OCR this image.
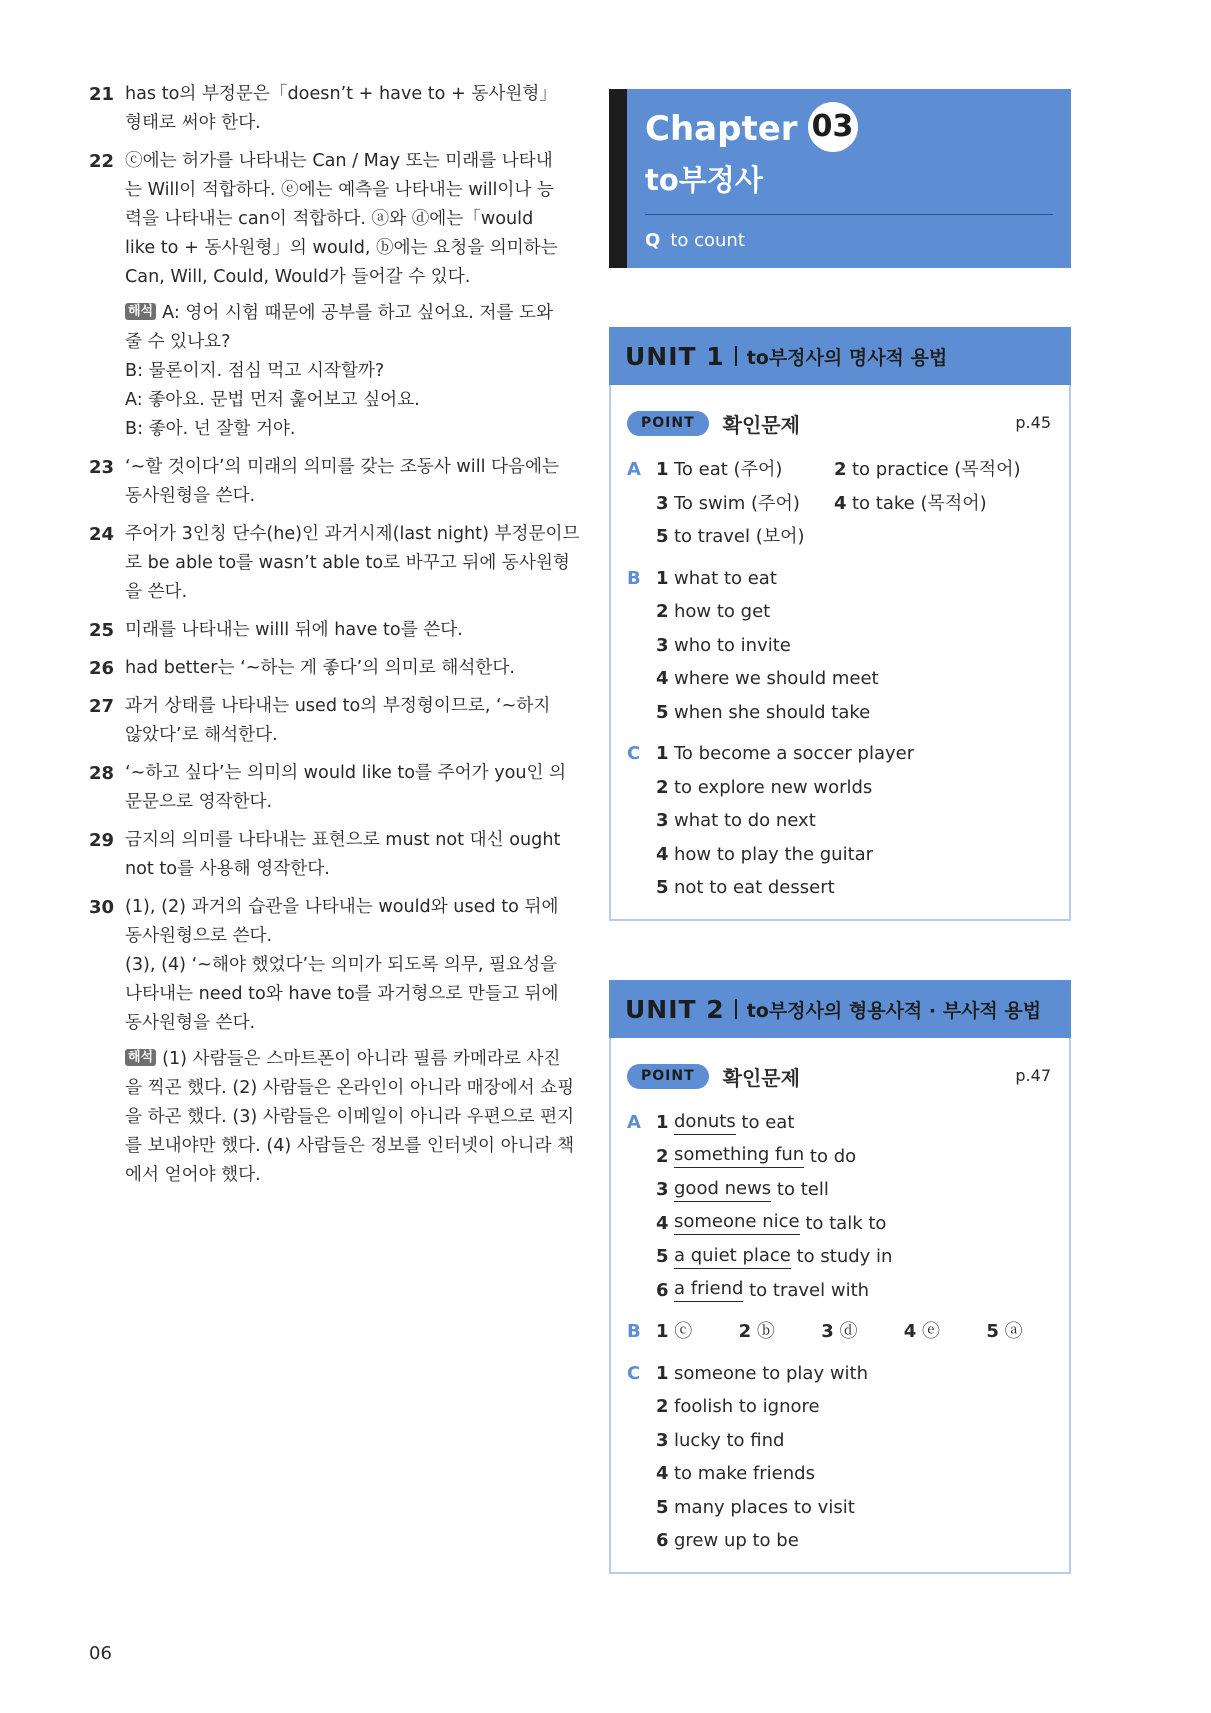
21 has to의 부정문은「doesn’t + have to + 동사원형」
형태로 써야 한다.
22 ⓒ에는 허가를 나타내는 Can / May 또는 미래를 나타내
는 Will이 적합하다. ⓔ에는 예측을 나타내는 will이나 능
력을 나타내는 can이 적합하다. ⓐ와 ⓓ에는「would
like to + 동사원형」의 would, ⓑ에는 요청을 의미하는
Can, Will, Could, Would가 들어갈 수 있다.
해석 A: 영어 시험 때문에 공부를 하고 싶어요. 저를 도와
줄 수 있나요?
B: 물론이지. 점심 먹고 시작할까?
A: 좋아요. 문법 먼저 훑어보고 싶어요.
B: 좋아. 넌 잘할 거야.
23 ‘~할 것이다’의 미래의 의미를 갖는 조동사 will 다음에는
동사원형을 쓴다.
24 주어가 3인칭 단수(he)인 과거시제(last night) 부정문이므
로 be able to를 wasn’t able to로 바꾸고 뒤에 동사원형
을 쓴다.
25 미래를 나타내는 willl 뒤에 have to를 쓴다.
26 had better는 ‘~하는 게 좋다’의 의미로 해석한다.
27 과거 상태를 나타내는 used to의 부정형이므로, ‘~하지
않았다’로 해석한다.
28 ‘~하고 싶다’는 의미의 would like to를 주어가 you인 의
문문으로 영작한다.
29 금지의 의미를 나타내는 표현으로 must not 대신 ought
not to를 사용해 영작한다.
30 (1), (2) 과거의 습관을 나타내는 would와 used to 뒤에
동사원형으로 쓴다.
(3), (4) ‘~해야 했었다’는 의미가 되도록 의무, 필요성을
나타내는 need to와 have to를 과거형으로 만들고 뒤에
동사원형을 쓴다.
해석 (1) 사람들은 스마트폰이 아니라 필름 카메라로 사진
을 찍곤 했다. (2) 사람들은 온라인이 아니라 매장에서 쇼핑
을 하곤 했다. (3) 사람들은 이메일이 아니라 우편으로 편지
를 보내야만 했다. (4) 사람들은 정보를 인터넷이 아니라 책
에서 얻어야 했다.
06
Chapter 03
to부정사
Q to count
UNIT 1 to부정사의 명사적 용법
POINT	확인문제	p.45
A 1 To eat (주어)	2 to practice (목적어)
3 To swim (주어) 4 to take (목적어)
5 to travel (보어)
B 1 what to eat
2 how to get
3 who to invite
4 where we should meet
5 when she should take
C 1 To become a soccer player
2 to explore new worlds
3 what to do next
4 how to play the guitar
5 not to eat dessert
UNIT 2 to부정사의 형용사적 · 부사적 용법
POINT	확인문제	p.47
A 1 donuts to eat
2 something fun to do
3 good news to tell
4 someone nice to talk to
5 a quiet place to study in
6 a friend to travel with
B 1 ⓒ	2 ⓑ	3 ⓓ	4 ⓔ	5 ⓐ
C 1 someone to play with
2 foolish to ignore
3 lucky to find
4 to make friends
5 many places to visit
6 grew up to be
